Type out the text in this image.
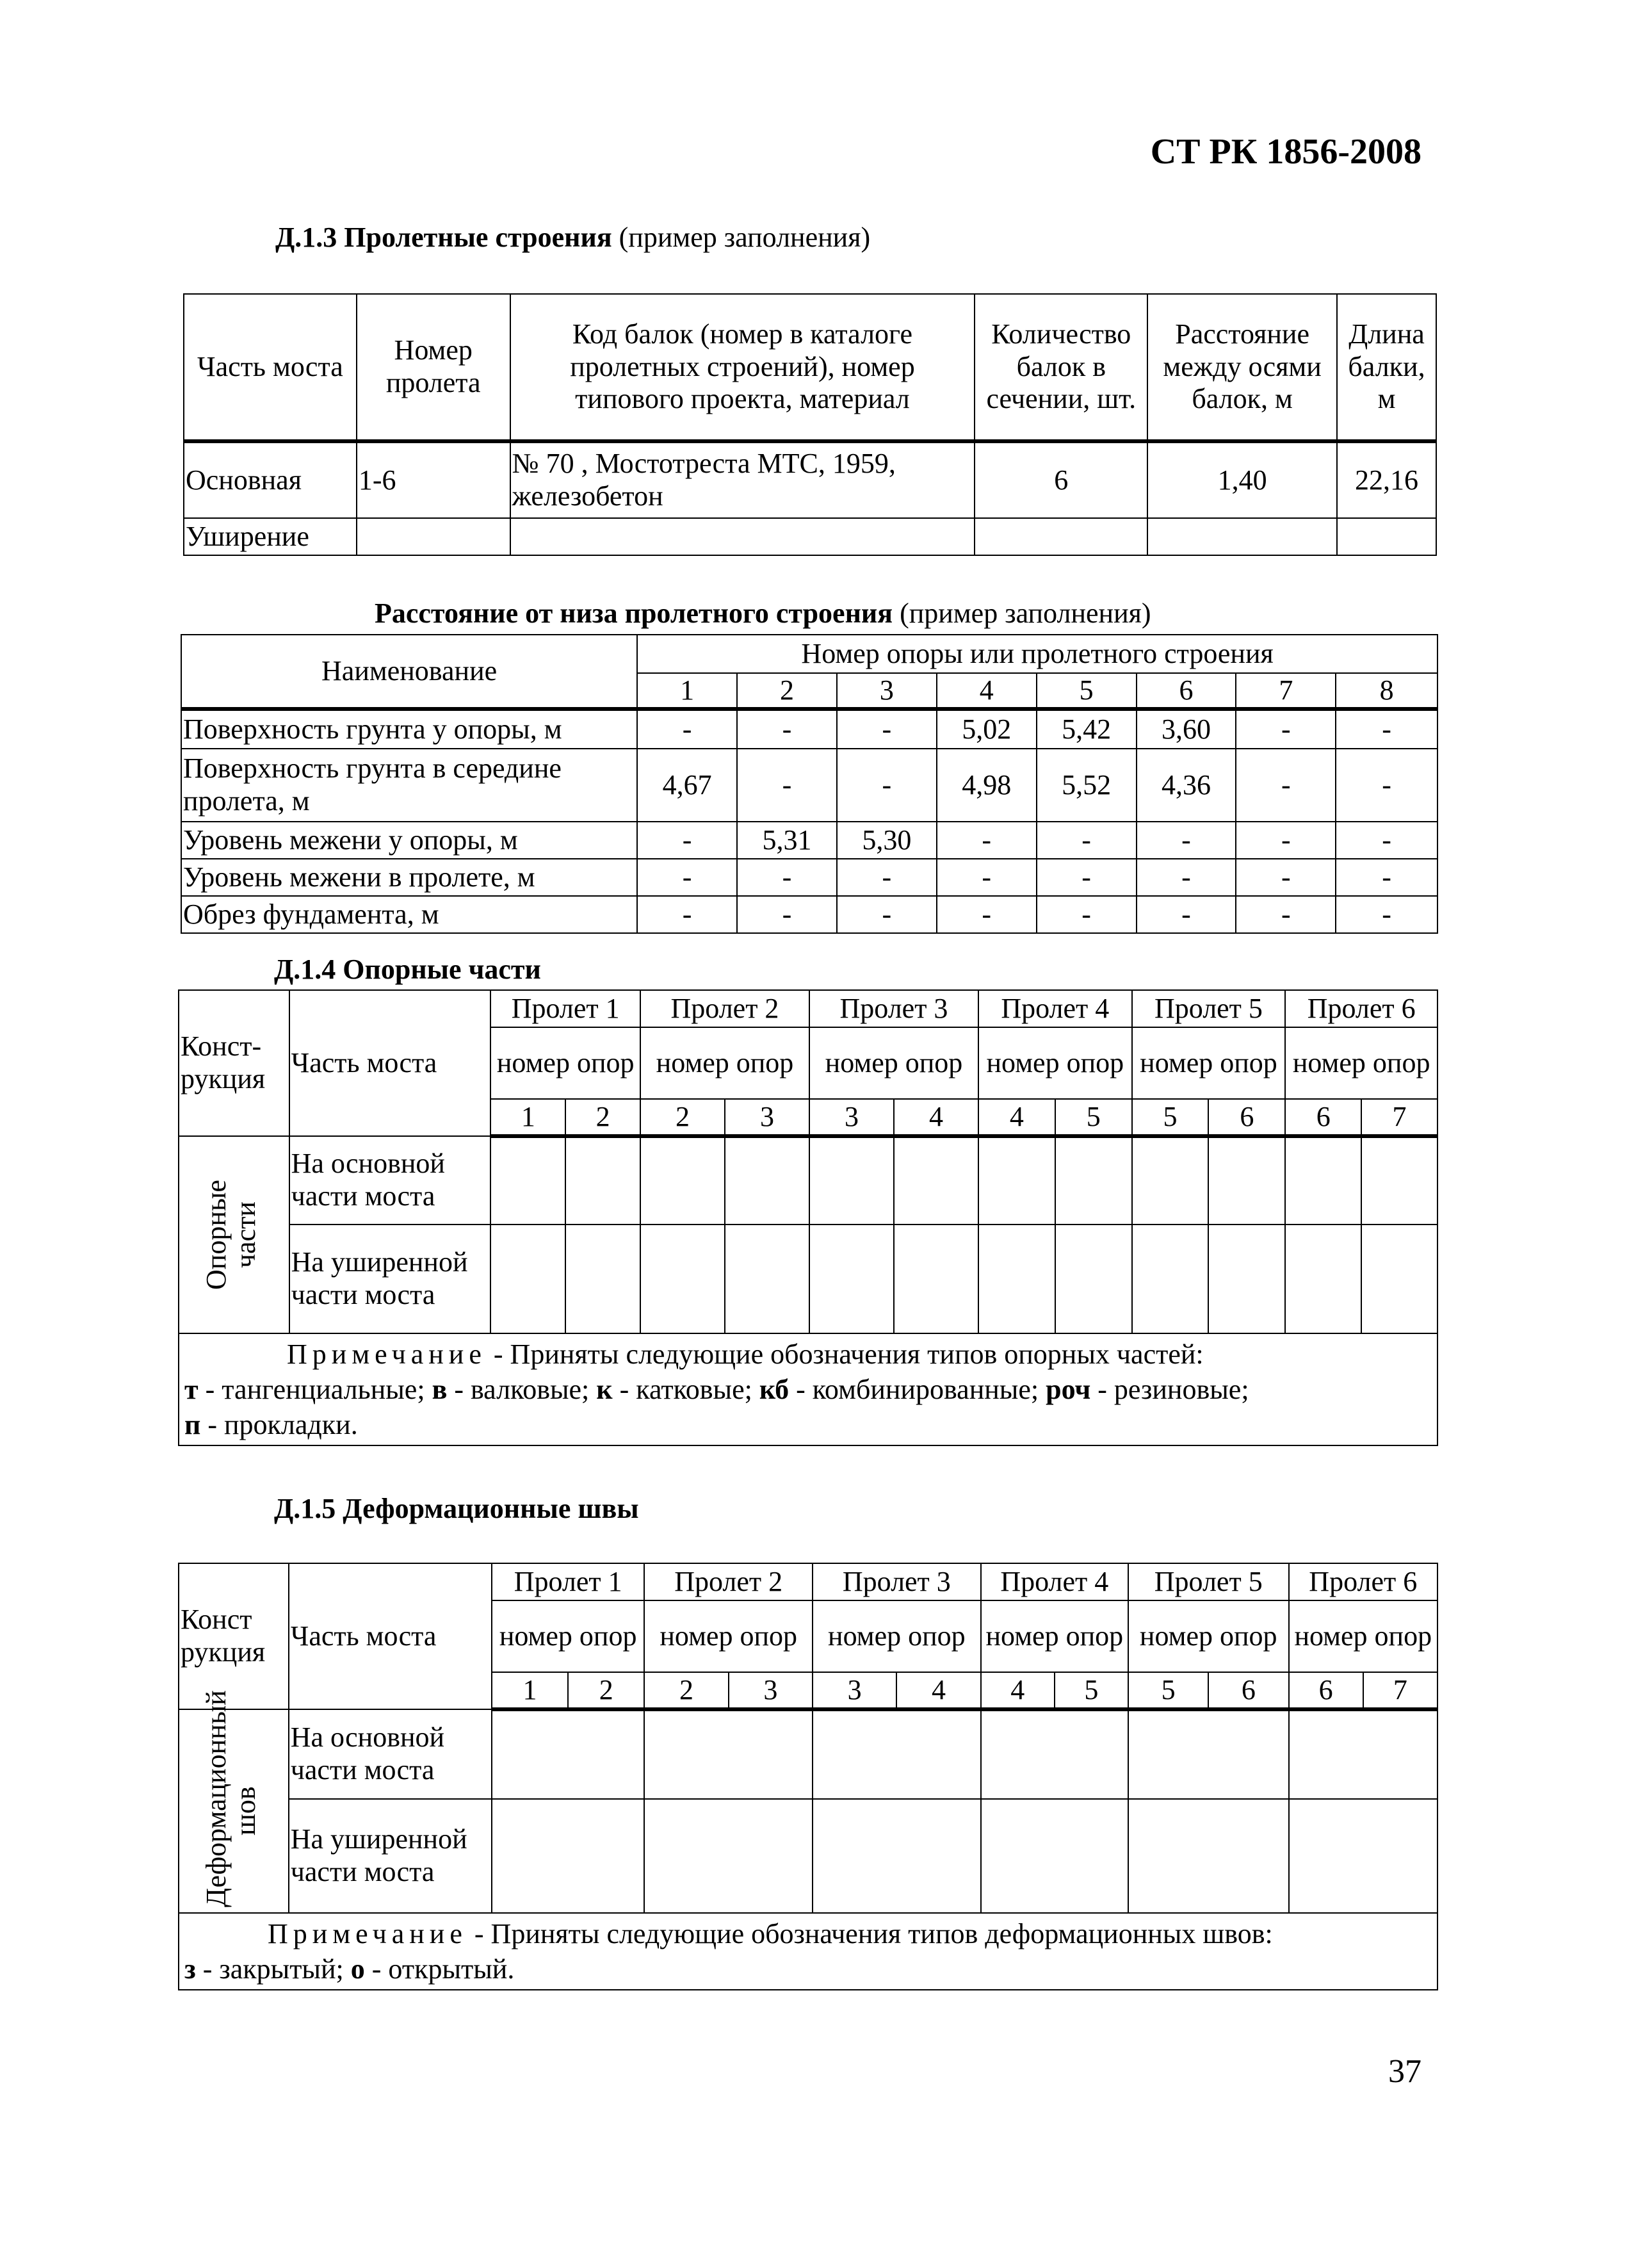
СТ РК 1856-2008
Д.1.3 Пролетные строения (пример заполнения)
Часть моста	Номер пролета	Код балок (номер в каталоге пролетных строений), номер типового проекта, материал	Количество балок в сечении, шт.	Расстояние между осями балок, м	Длина балки, м
Основная	1-6	№ 70 , Мостотреста МТС, 1959, железобетон	6	1,40	22,16
Уширение					
Расстояние от низа пролетного строения (пример заполнения)
Наименование	Номер опоры или пролетного строения							
	1	2	3	4	5	6	7	8
Поверхность грунта у опоры, м	-	-	-	5,02	5,42	3,60	-	-
Поверхность грунта в середине пролета, м	4,67	-	-	4,98	5,52	4,36	-	-
Уровень межени у опоры, м	-	5,31	5,30	-	-	-	-	-
Уровень межени в пролете, м	-	-	-	-	-	-	-	-
Обрез фундамента, м	-	-	-	-	-	-	-	-
Д.1.4 Опорные части
Конст-рукция	Часть моста	Пролет 1		Пролет 2		Пролет 3		Пролет 4		Пролет 5		Пролет 6	
		номер опор		номер опор		номер опор		номер опор		номер опор		номер опор	
		1	2	2	3	3	4	4	5	5	6	6	7

Опорные части	На основной части моста												
	На уширенной части моста												

Примечание - Приняты следующие обозначения типов опорных частей:
т - тангенциальные; в - валковые; к - катковые; кб - комбинированные; роч - резиновые;
п - прокладки.													
Д.1.5 Деформационные швы
Конст рукция	Часть моста	Пролет 1		Пролет 2		Пролет 3		Пролет 4		Пролет 5		Пролет 6	
		номер опор		номер опор		номер опор		номер опор		номер опор		номер опор	
		1	2	2	3	3	4	4	5	5	6	6	7

Деформационный шов	На основной части моста												
	На уширенной части моста												

Примечание - Приняты следующие обозначения типов деформационных швов:
з - закрытый; о - открытый.													
37
